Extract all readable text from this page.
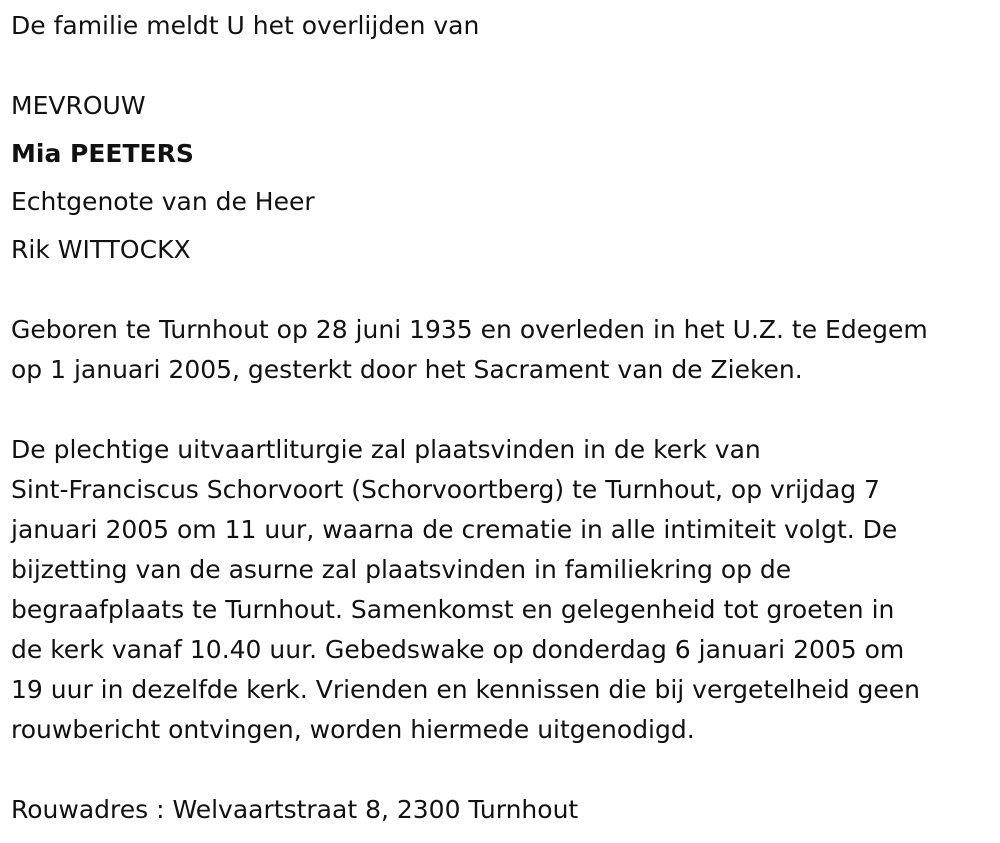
De familie meldt U het overlijden van
MEVROUW
Mia PEETERS
Echtgenote van de Heer
Rik WITTOCKX
Geboren te Turnhout op 28 juni 1935 en overleden in het U.Z. te Edegem
op 1 januari 2005, gesterkt door het Sacrament van de Zieken.
De plechtige uitvaartliturgie zal plaatsvinden in de kerk van
Sint-Franciscus Schorvoort (Schorvoortberg) te Turnhout, op vrijdag 7
januari 2005 om 11 uur, waarna de crematie in alle intimiteit volgt. De
bijzetting van de asurne zal plaatsvinden in familiekring op de
begraafplaats te Turnhout. Samenkomst en gelegenheid tot groeten in
de kerk vanaf 10.40 uur. Gebedswake op donderdag 6 januari 2005 om
19 uur in dezelfde kerk. Vrienden en kennissen die bij vergetelheid geen
rouwbericht ontvingen, worden hiermede uitgenodigd.
Rouwadres : Welvaartstraat 8, 2300 Turnhout
